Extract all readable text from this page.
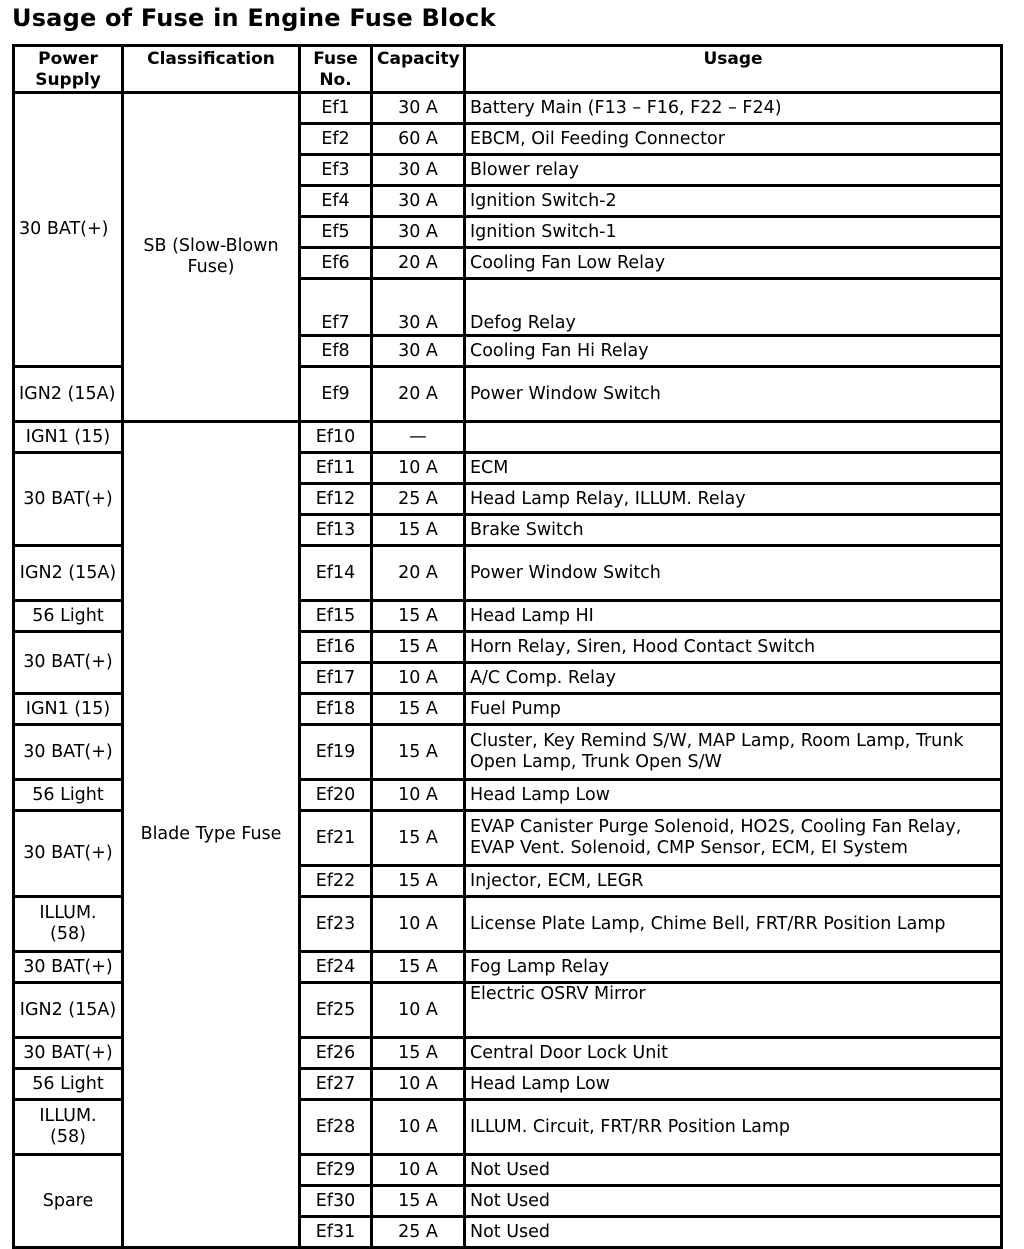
Usage of Fuse in Engine Fuse Block
Power Supply	Classification	Fuse No.	Capacity	Usage
30 BAT(+)	SB (Slow-Blown Fuse)	Ef1	30 A	Battery Main (F13 – F16, F22 – F24)
		Ef2	60 A	EBCM, Oil Feeding Connector
		Ef3	30 A	Blower relay
		Ef4	30 A	Ignition Switch-2
		Ef5	30 A	Ignition Switch-1
		Ef6	20 A	Cooling Fan Low Relay
		Ef7	30 A	Defog Relay
		Ef8	30 A	Cooling Fan Hi Relay
IGN2 (15A)		Ef9	20 A	Power Window Switch
IGN1 (15)	Blade Type Fuse	Ef10	—	
30 BAT(+)		Ef11	10 A	ECM
		Ef12	25 A	Head Lamp Relay, ILLUM. Relay
		Ef13	15 A	Brake Switch
IGN2 (15A)		Ef14	20 A	Power Window Switch
56 Light		Ef15	15 A	Head Lamp HI
30 BAT(+)		Ef16	15 A	Horn Relay, Siren, Hood Contact Switch
		Ef17	10 A	A/C Comp. Relay
IGN1 (15)		Ef18	15 A	Fuel Pump
30 BAT(+)		Ef19	15 A	Cluster, Key Remind S/W, MAP Lamp, Room Lamp, Trunk Open Lamp, Trunk Open S/W
56 Light		Ef20	10 A	Head Lamp Low
30 BAT(+)		Ef21	15 A	EVAP Canister Purge Solenoid, HO2S, Cooling Fan Relay, EVAP Vent. Solenoid, CMP Sensor, ECM, EI System
		Ef22	15 A	Injector, ECM, LEGR
ILLUM. (58)		Ef23	10 A	License Plate Lamp, Chime Bell, FRT/RR Position Lamp
30 BAT(+)		Ef24	15 A	Fog Lamp Relay
IGN2 (15A)		Ef25	10 A	Electric OSRV Mirror
30 BAT(+)		Ef26	15 A	Central Door Lock Unit
56 Light		Ef27	10 A	Head Lamp Low
ILLUM. (58)		Ef28	10 A	ILLUM. Circuit, FRT/RR Position Lamp
Spare		Ef29	10 A	Not Used
		Ef30	15 A	Not Used
		Ef31	25 A	Not Used
